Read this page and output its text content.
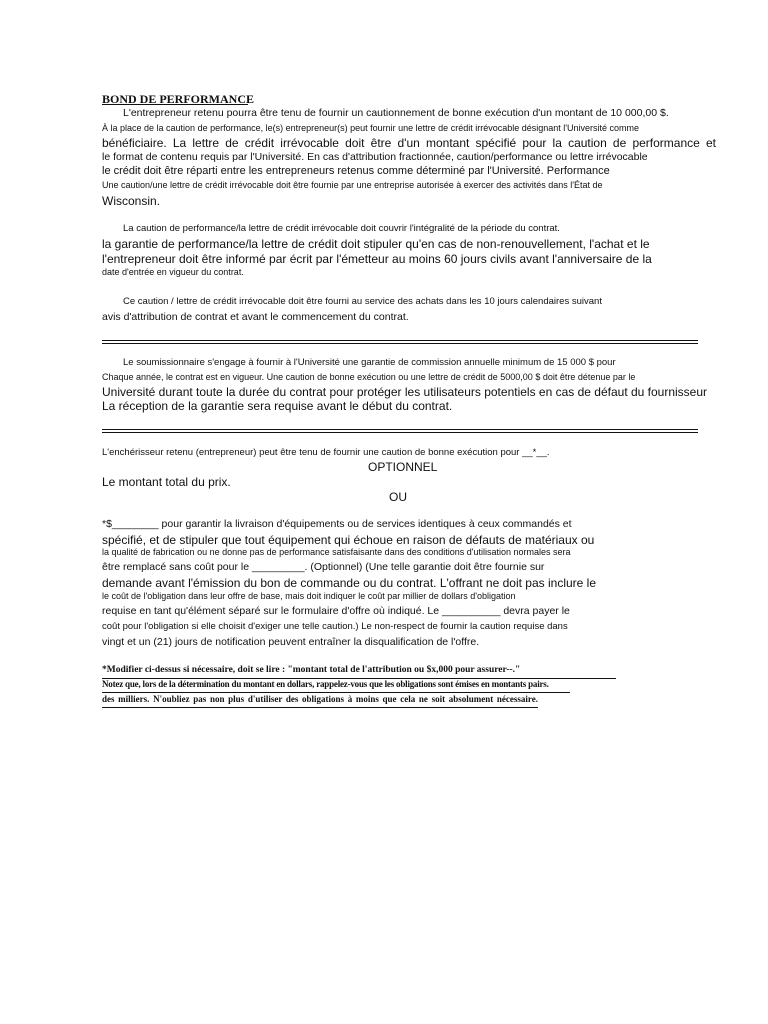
BOND DE PERFORMANCE
L'entrepreneur retenu pourra être tenu de fournir un cautionnement de bonne exécution d'un montant de 10 000,00 $.
À la place de la caution de performance, le(s) entrepreneur(s) peut fournir une lettre de crédit irrévocable désignant l'Université comme
bénéficiaire. La lettre de crédit irrévocable doit être d'un montant spécifié pour la caution de performance et
le format de contenu requis par l'Université. En cas d'attribution fractionnée, caution/performance ou lettre irrévocable
le crédit doit être réparti entre les entrepreneurs retenus comme déterminé par l'Université. Performance
Une caution/une lettre de crédit irrévocable doit être fournie par une entreprise autorisée à exercer des activités dans l'État de
Wisconsin.
La caution de performance/la lettre de crédit irrévocable doit couvrir l'intégralité de la période du contrat.
la garantie de performance/la lettre de crédit doit stipuler qu'en cas de non-renouvellement, l'achat et le
l'entrepreneur doit être informé par écrit par l'émetteur au moins 60 jours civils avant l'anniversaire de la
date d'entrée en vigueur du contrat.
Ce caution / lettre de crédit irrévocable doit être fourni au service des achats dans les 10 jours calendaires suivant
avis d'attribution de contrat et avant le commencement du contrat.
Le soumissionnaire s'engage à fournir à l'Université une garantie de commission annuelle minimum de 15 000 $ pour
Chaque année, le contrat est en vigueur. Une caution de bonne exécution ou une lettre de crédit de 5000,00 $ doit être détenue par le
Université durant toute la durée du contrat pour protéger les utilisateurs potentiels en cas de défaut du fournisseur
La réception de la garantie sera requise avant le début du contrat.
L'enchérisseur retenu (entrepreneur) peut être tenu de fournir une caution de bonne exécution pour __*__.
OPTIONNEL
Le montant total du prix.
OU
*$________ pour garantir la livraison d'équipements ou de services identiques à ceux commandés et
spécifié, et de stipuler que tout équipement qui échoue en raison de défauts de matériaux ou
la qualité de fabrication ou ne donne pas de performance satisfaisante dans des conditions d'utilisation normales sera
être remplacé sans coût pour le _________. (Optionnel) (Une telle garantie doit être fournie sur
demande avant l'émission du bon de commande ou du contrat. L'offrant ne doit pas inclure le
le coût de l'obligation dans leur offre de base, mais doit indiquer le coût par millier de dollars d'obligation
requise en tant qu'élément séparé sur le formulaire d'offre où indiqué. Le __________ devra payer le
coût pour l'obligation si elle choisit d'exiger une telle caution.) Le non-respect de fournir la caution requise dans
vingt et un (21) jours de notification peuvent entraîner la disqualification de l'offre.
*Modifier ci-dessus si nécessaire, doit se lire : "montant total de l'attribution ou $x,000 pour assurer--."
Notez que, lors de la détermination du montant en dollars, rappelez-vous que les obligations sont émises en montants pairs.
des milliers. N'oubliez pas non plus d'utiliser des obligations à moins que cela ne soit absolument nécessaire.
